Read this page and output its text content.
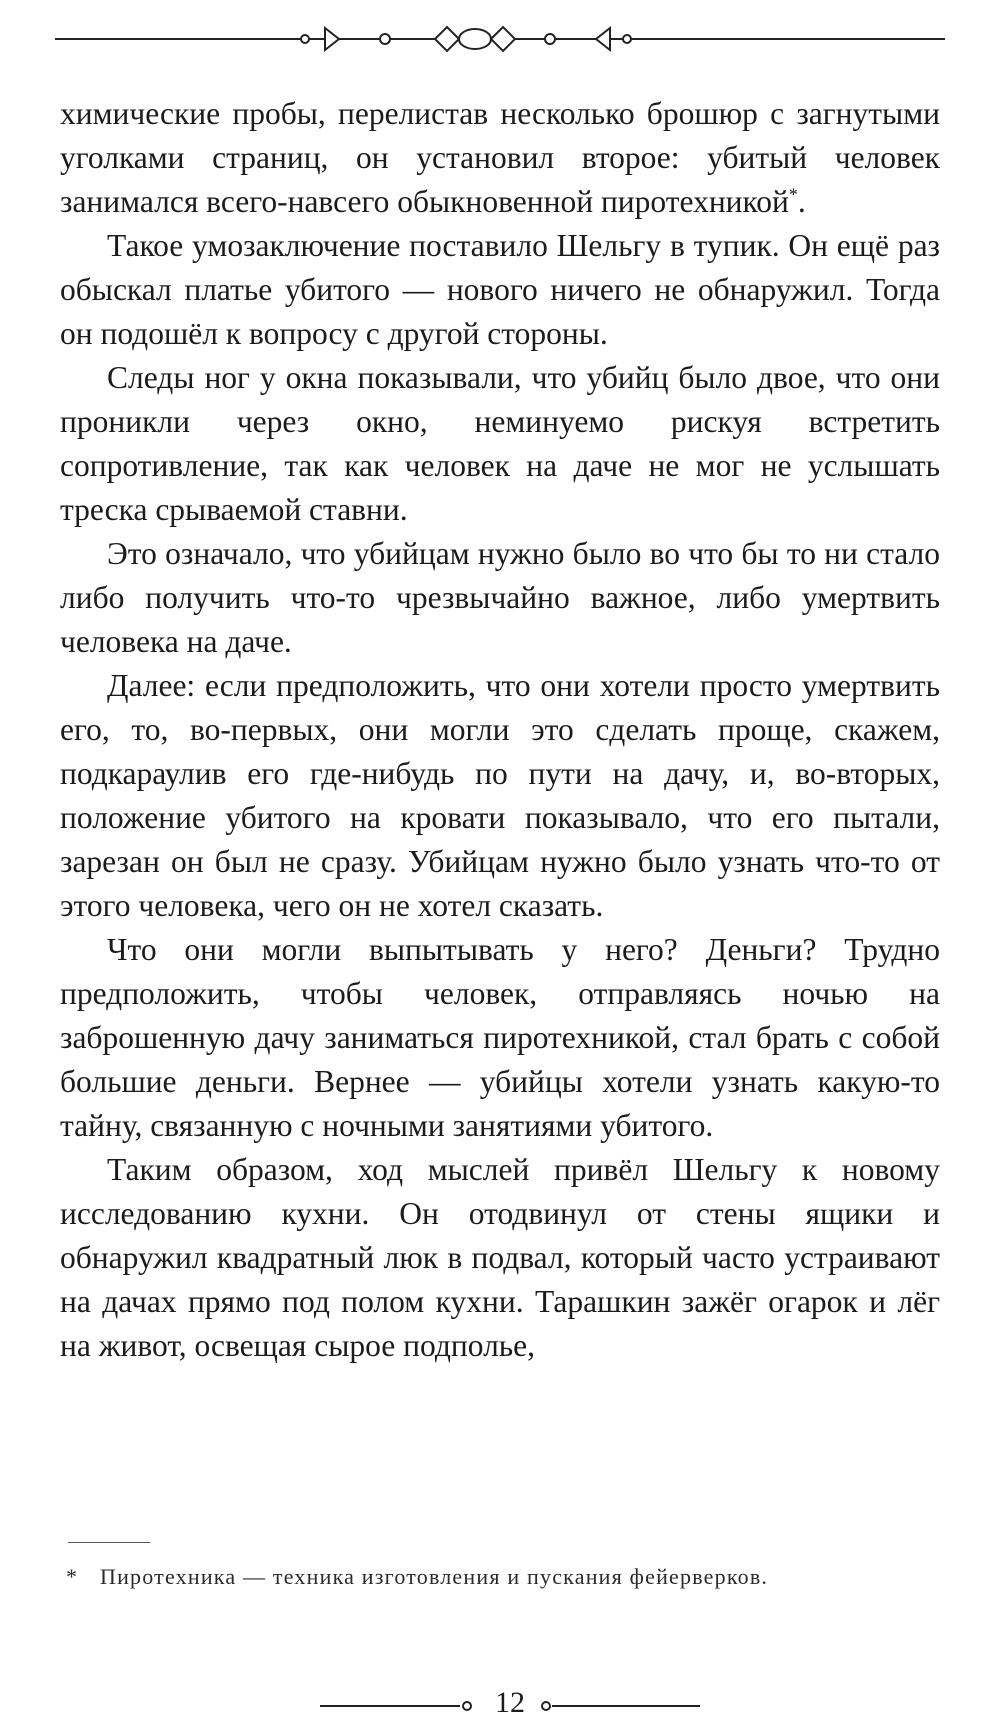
химические пробы, перелистав несколько брошюр с загнутыми уголками страниц, он установил второе: убитый человек занимался всего-навсего обыкновенной пиротехникой*.

Такое умозаключение поставило Шельгу в тупик. Он ещё раз обыскал платье убитого — нового ничего не обнаружил. Тогда он подошёл к вопросу с другой стороны.

Следы ног у окна показывали, что убийц было двое, что они проникли через окно, неминуемо рискуя встретить сопротивление, так как человек на даче не мог не услышать треска срываемой ставни.

Это означало, что убийцам нужно было во что бы то ни стало либо получить что-то чрезвычайно важное, либо умертвить человека на даче.

Далее: если предположить, что они хотели просто умертвить его, то, во-первых, они могли это сделать проще, скажем, подкараулив его где-нибудь по пути на дачу, и, во-вторых, положение убитого на кровати показывало, что его пытали, зарезан он был не сразу. Убийцам нужно было узнать что-то от этого человека, чего он не хотел сказать.

Что они могли выпытывать у него? Деньги? Трудно предположить, чтобы человек, отправляясь ночью на заброшенную дачу заниматься пиротехникой, стал брать с собой большие деньги. Вернее — убийцы хотели узнать какую-то тайну, связанную с ночными занятиями убитого.

Таким образом, ход мыслей привёл Шельгу к новому исследованию кухни. Он отодвинул от стены ящики и обнаружил квадратный люк в подвал, который часто устраивают на дачах прямо под полом кухни. Тарашкин зажёг огарок и лёг на живот, освещая сырое подполье,

* Пиротехника — техника изготовления и пускания фейерверков.
12
